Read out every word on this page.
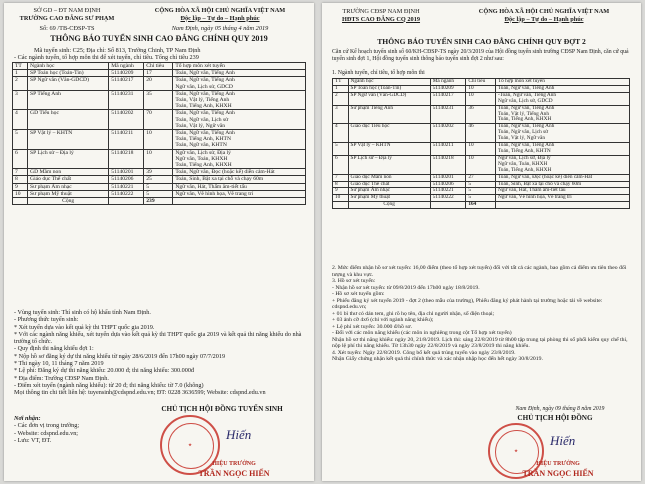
SỞ GD – ĐT NAM ĐỊNH
TRƯỜNG CAO ĐẲNG SƯ PHẠM
Số: 69 /TB-CĐSP-TS
CỘNG HÒA XÃ HỘI CHỦ NGHĨA VIỆT NAM
Độc lập – Tự do – Hạnh phúc
Nam Định, ngày 05 tháng 4 năm 2019
THÔNG BÁO TUYỂN SINH CAO ĐẲNG CHÍNH QUY 2019
Mã tuyển sinh: C25; Địa chỉ: Số 813, Trường Chinh, TP Nam Định
- Các ngành tuyển, tổ hợp môn thi để xét tuyển, chỉ tiêu. Tổng chỉ tiêu 239
TT	Ngành học	Mã ngành	Chỉ tiêu	Tổ hợp môn xét tuyển
1	SP Toán học (Toán-Tin)	51140209	17	Toán, Ngữ văn, Tiếng Anh
2	SP Ngữ văn (Văn-GDCD)	51140217	20	Toán, Ngữ văn, Tiếng Anh
Ngữ văn, Lịch sử, GDCD
3	SP Tiếng Anh	51140231	35	Toán, Ngữ văn, Tiếng Anh
Toán, Vật lý, Tiếng Anh
Toán, Tiếng Anh, KHXH
4	GD Tiểu học	51140202	70	Toán, Ngữ văn, Tiếng Anh
Toán, Ngữ văn, Lịch sử
Toán, Vật lý, Ngữ văn
5	SP Vật lý – KHTN	51140211	10	Toán, Ngữ văn, Tiếng Anh
Toán, Tiếng Anh, KHTN
Toán, Ngữ văn, KHTN
6	SP Lịch sử – Địa lý	51140218	10	Ngữ văn, Lịch sử, Địa lý
Ngữ văn, Toán, KHXH
Toán, Tiếng Anh, KHXH
7	GD Mầm non	51140201	39	Toán, Ngữ văn, Đọc (hoặc kể) diễn cảm-Hát
8	Giáo dục Thể chất	51140206	25	Toán, Sinh, Bật xa tại chỗ và chạy 60m
9	Sư phạm Âm nhạc	51140221	5	Ngữ văn, Hát, Thẩm âm-tiết tấu
10	Sư phạm Mỹ thuật	51140222	5	Ngữ văn, Vẽ hình họa, Vẽ trang trí
	Cộng		239	
- Vùng tuyển sinh: Thí sinh có hộ khẩu tỉnh Nam Định.
- Phương thức tuyển sinh:
* Xét tuyển dựa vào kết quả kỳ thi THPT quốc gia 2019.
* Với các ngành năng khiếu, xét tuyển dựa vào kết quả kỳ thi THPT quốc gia 2019 và kết quả thi năng khiếu do nhà trường tổ chức.
- Quy định thi năng khiếu đợt 1:
* Nộp hồ sơ đăng ký dự thi năng khiếu từ ngày 28/6/2019 đến 17h00 ngày 07/7/2019
* Thi ngày 10, 11 tháng 7 năm 2019
* Lệ phí: Đăng ký dự thi năng khiếu: 20.000 đ; thi năng khiếu: 300.000đ
* Địa điểm: Trường CĐSP Nam Định.
- Điểm xét tuyển (ngành năng khiếu): từ 20 đ; thi năng khiếu: từ 7.0 (không)
Mọi thông tin chi tiết liên hệ: tuyensinh@cdspnd.edu.vn; ĐT: 0228 3636599; Website: cdspnd.edu.vn
Nơi nhận:
- Các đơn vị trong trường;
- Website: cdspnd.edu.vn;
- Lưu: VT, ĐT.
CHỦ TỊCH HỘI ĐỒNG TUYỂN SINH
★
Hiến
HIỆU TRƯỞNG
TRẦN NGỌC HIẾN
TRƯỜNG CĐSP NAM ĐỊNH
HĐTS CAO ĐẲNG CQ 2019
CỘNG HÒA XÃ HỘI CHỦ NGHĨA VIỆT NAM
Độc lập – Tự do – Hạnh phúc
THÔNG BÁO TUYỂN SINH CAO ĐẲNG CHÍNH QUY ĐỢT 2
Căn cứ Kế hoạch tuyển sinh số 60/KH-CĐSP-TS ngày 20/3/2019 của Hội đồng tuyển sinh trường CĐSP Nam Định, căn cứ quả tuyển sinh đợt 1, Hội đồng tuyển sinh thông báo tuyển sinh đợt 2 như sau:
1. Ngành tuyển, chỉ tiêu, tổ hợp môn thi
TT	Ngành học	Mã ngành	Chỉ tiêu	Tổ hợp môn xét tuyển
1	SP Toán học (Toán-Tin)	51140209	10	Toán, Ngữ văn, Tiếng Anh
2	SP Ngữ văn (Văn-GDCD)	51140217	10	-Toán, Ngữ văn, Tiếng Anh
Ngữ văn, Lịch sử, GDCD
3	Sư phạm Tiếng Anh	51140231	36	Toán, Ngữ văn, Tiếng Anh
Toán, Vật lý, Tiếng Anh
Toán, Tiếng Anh, KHXH
4	Giáo dục Tiểu học	51140202	46	Toán, Ngữ văn, Tiếng Anh
Toán, Ngữ văn, Lịch sử
Toán, Vật lý, Ngữ văn
5	SP Vật lý – KHTN	51140211	10	Toán, Ngữ văn, Tiếng Anh
Toán, Tiếng Anh, KHTN
6	SP Lịch sử – Địa lý	51140218	10	Ngữ văn, Lịch sử, Địa lý
Ngữ văn, Toán, KHXH
Toán, Tiếng Anh, KHXH
7	Giáo dục Mầm non	51140201	27	Toán, Ngữ văn, Đọc (hoặc kể) diễn cảm-Hát
8	Giáo dục Thể chất	51140206	5	Toán, Sinh, Bật xa tại chỗ và chạy 60m
9	Sư phạm Âm nhạc	51140221	5	Ngữ văn, Hát, Thẩm âm-tiết tấu
10	Sư phạm Mỹ thuật	51140222	5	Ngữ văn, Vẽ hình họa, Vẽ trang trí
	Cộng		164	
2. Mức điểm nhận hồ sơ xét tuyển: 16,00 điểm (theo tổ hợp xét tuyển) đối với tất cả các ngành, bao gồm cả điểm ưu tiên theo đối tượng và khu vực.
3. Hồ sơ xét tuyển:
- Nhận hồ sơ xét tuyển: từ 09/8/2019 đến 17h00 ngày 18/8/2019.
- Hồ sơ xét tuyển gồm:
+ Phiếu đăng ký xét tuyển 2019 - đợt 2 (theo mẫu của trường), Phiếu đăng ký phát hành tại trường hoặc tải về website: cdspnd.edu.vn;
+ 01 bì thư có dán tem, ghi rõ họ tên, địa chỉ người nhận, số điện thoại;
+ 03 ảnh cỡ 4x6 (chỉ với ngành năng khiếu);
+ Lệ phí xét tuyển: 30.000 đ/hồ sơ.
- Đối với các môn năng khiếu (các môn in nghiêng trong cột Tổ hợp xét tuyển)
Nhận hồ sơ thi năng khiếu: ngày 20, 21/8/2019. Lịch thi: sáng 22/8/2019 từ 8h00 tập trung tại phòng thi số phối kiểm quy chế thi, nộp lệ phí thi năng khiếu. Từ 13h30 ngày 22/8/2019 và ngày 23/8/2019 thi năng khiếu.
4. Xét tuyển: Ngày 22/8/2019. Công bố kết quả trúng tuyển vào ngày 23/8/2019.
Nhận Giấy chứng nhận kết quả thi chính thức và xác nhận nhập học đến hết ngày 30/8/2019.
Nam Định, ngày 09 tháng 8 năm 2019
CHỦ TỊCH HỘI ĐỒNG
★
Hiến
HIỆU TRƯỞNG
TRẦN NGỌC HIẾN
